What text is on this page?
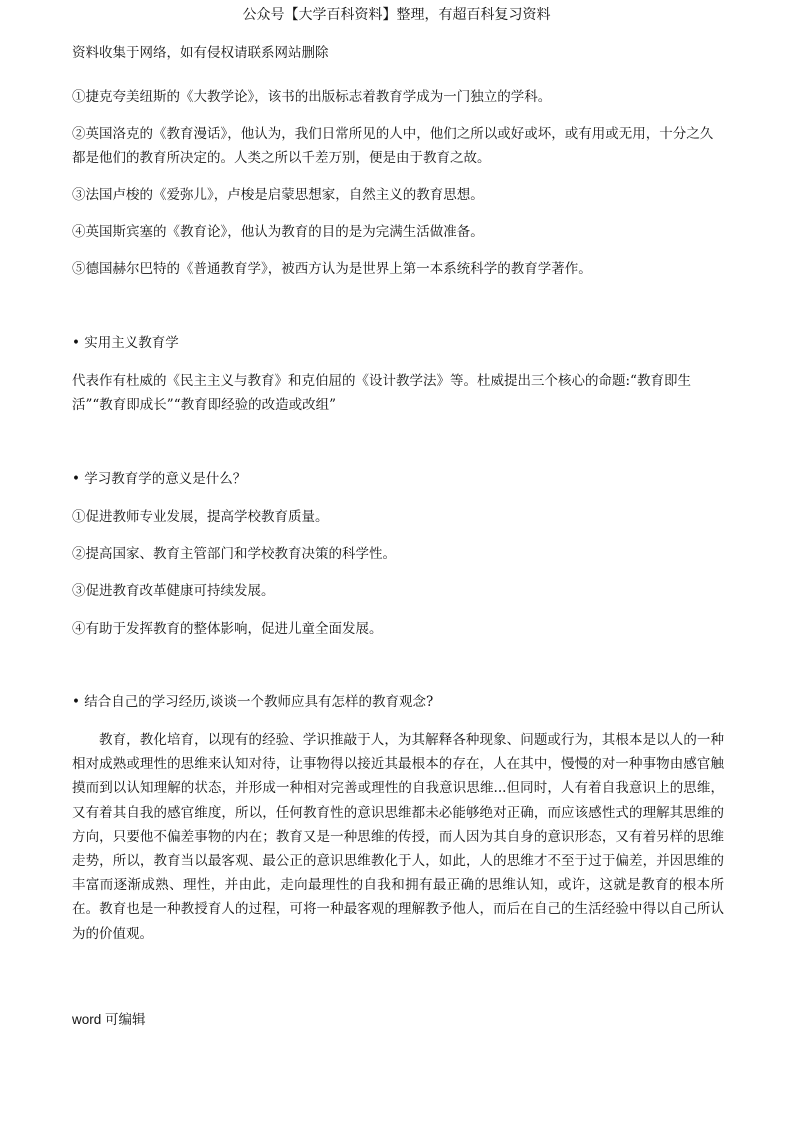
公众号【大学百科资料】整理，有超百科复习资料
资料收集于网络，如有侵权请联系网站删除
①捷克夸美纽斯的《大教学论》，该书的出版标志着教育学成为一门独立的学科。
②英国洛克的《教育漫话》，他认为，我们日常所见的人中，他们之所以或好或坏，或有用或无用，十分之久都是他们的教育所决定的。人类之所以千差万别，便是由于教育之故。
③法国卢梭的《爱弥儿》，卢梭是启蒙思想家，自然主义的教育思想。
④英国斯宾塞的《教育论》，他认为教育的目的是为完满生活做准备。
⑤德国赫尔巴特的《普通教育学》，被西方认为是世界上第一本系统科学的教育学著作。
• 实用主义教育学
代表作有杜威的《民主主义与教育》和克伯屈的《设计教学法》等。杜威提出三个核心的命题:“教育即生活”“教育即成长”“教育即经验的改造或改组”
• 学习教育学的意义是什么？
①促进教师专业发展，提高学校教育质量。
②提高国家、教育主管部门和学校教育决策的科学性。
③促进教育改革健康可持续发展。
④有助于发挥教育的整体影响，促进儿童全面发展。
• 结合自己的学习经历,谈谈一个教师应具有怎样的教育观念?
教育，教化培育，以现有的经验、学识推敲于人，为其解释各种现象、问题或行为，其根本是以人的一种相对成熟或理性的思维来认知对待，让事物得以接近其最根本的存在，人在其中，慢慢的对一种事物由感官触摸而到以认知理解的状态，并形成一种相对完善或理性的自我意识思维...但同时，人有着自我意识上的思维，又有着其自我的感官维度，所以，任何教育性的意识思维都未必能够绝对正确，而应该感性式的理解其思维的方向，只要他不偏差事物的内在；教育又是一种思维的传授，而人因为其自身的意识形态，又有着另样的思维走势，所以，教育当以最客观、最公正的意识思维教化于人，如此，人的思维才不至于过于偏差，并因思维的丰富而逐渐成熟、理性，并由此，走向最理性的自我和拥有最正确的思维认知，或许，这就是教育的根本所在。教育也是一种教授育人的过程，可将一种最客观的理解教予他人，而后在自己的生活经验中得以自己所认为的价值观。
word 可编辑
